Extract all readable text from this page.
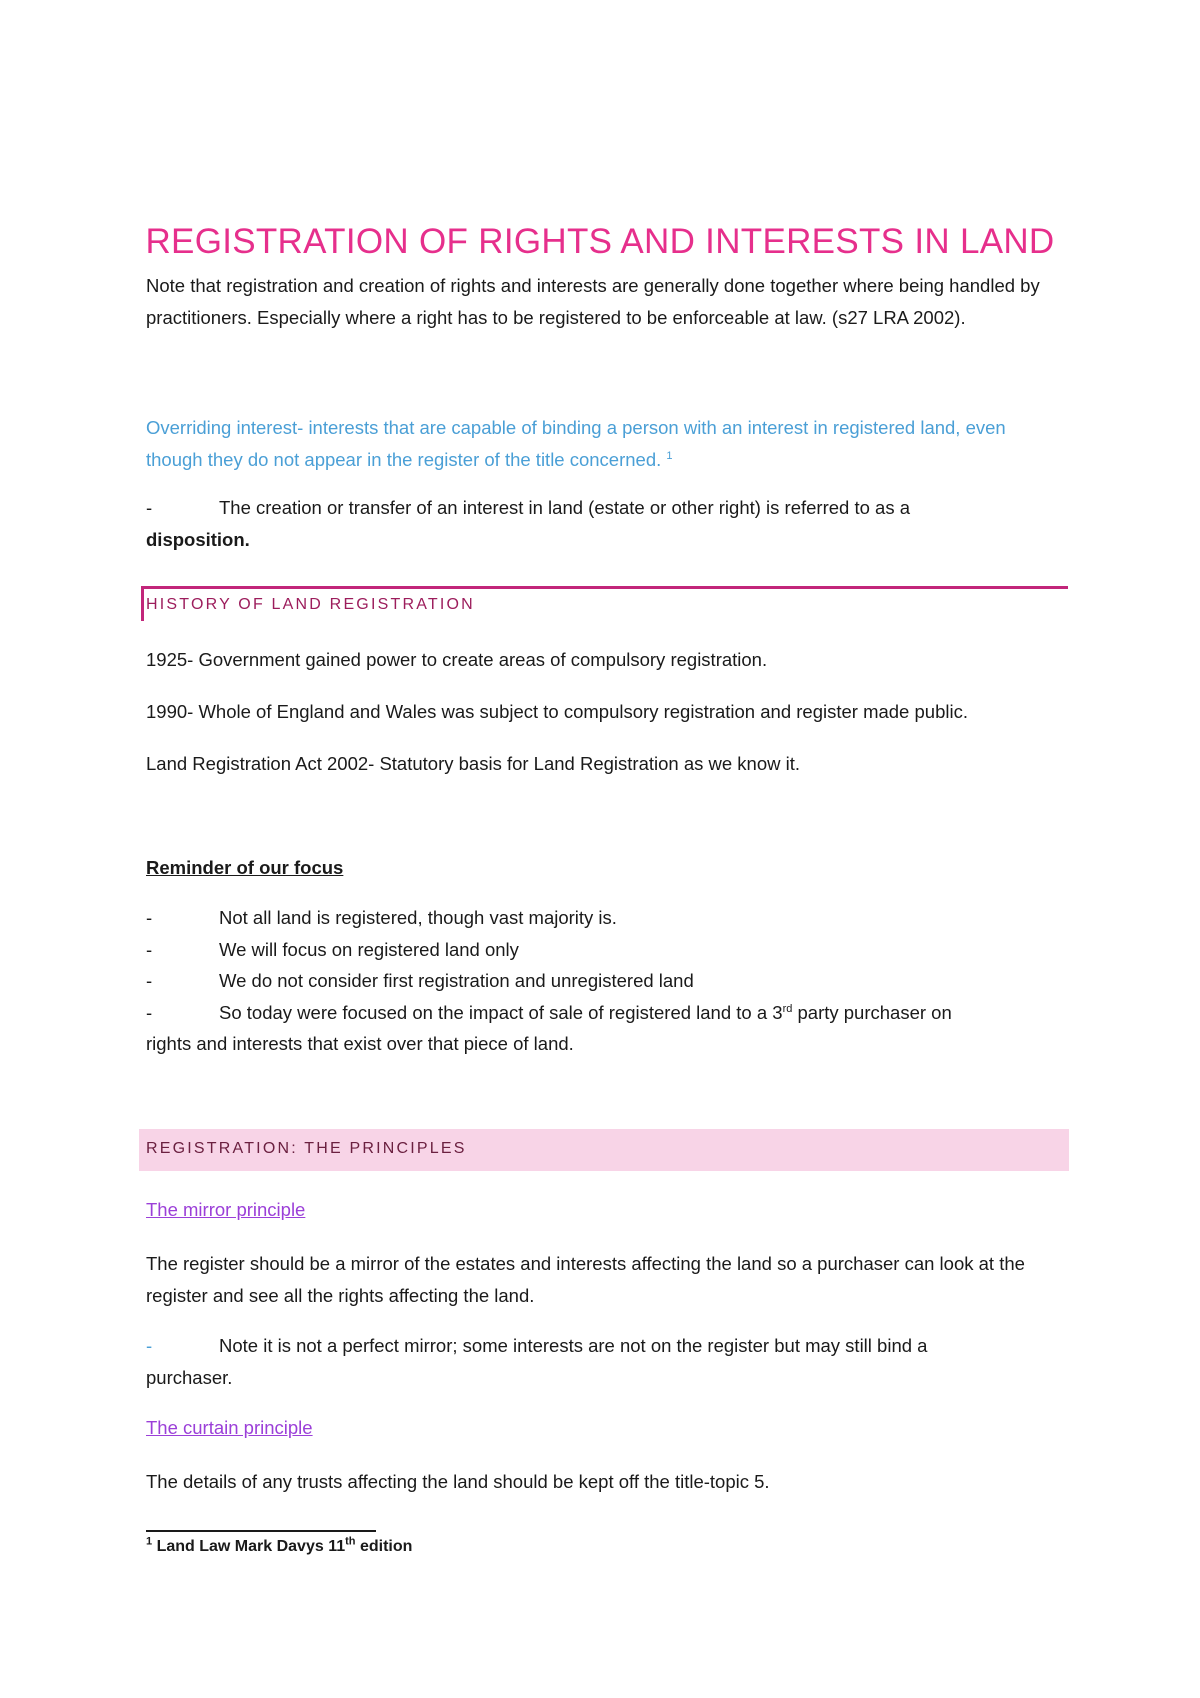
REGISTRATION OF RIGHTS AND INTERESTS IN LAND
Note that registration and creation of rights and interests are generally done together where being handled by practitioners. Especially where a right has to be registered to be enforceable at law. (s27 LRA 2002).
Overriding interest- interests that are capable of binding a person with an interest in registered land, even though they do not appear in the register of the title concerned. $^1$
-	The creation or transfer of an interest in land (estate or other right) is referred to as a
disposition.
HISTORY OF LAND REGISTRATION
1925- Government gained power to create areas of compulsory registration.
1990- Whole of England and Wales was subject to compulsory registration and register made public.
Land Registration Act 2002- Statutory basis for Land Registration as we know it.
Reminder of our focus
-	Not all land is registered, though vast majority is.
-	We will focus on registered land only
-	We do not consider first registration and unregistered land
-	So today were focused on the impact of sale of registered land to a 3rd party purchaser on
rights and interests that exist over that piece of land.
REGISTRATION: THE PRINCIPLES
The mirror principle
The register should be a mirror of the estates and interests affecting the land so a purchaser can look at the register and see all the rights affecting the land.
-	Note it is not a perfect mirror; some interests are not on the register but may still bind a
purchaser.
The curtain principle
The details of any trusts affecting the land should be kept off the title-topic 5.
$^1$ Land Law Mark Davys 11th edition
